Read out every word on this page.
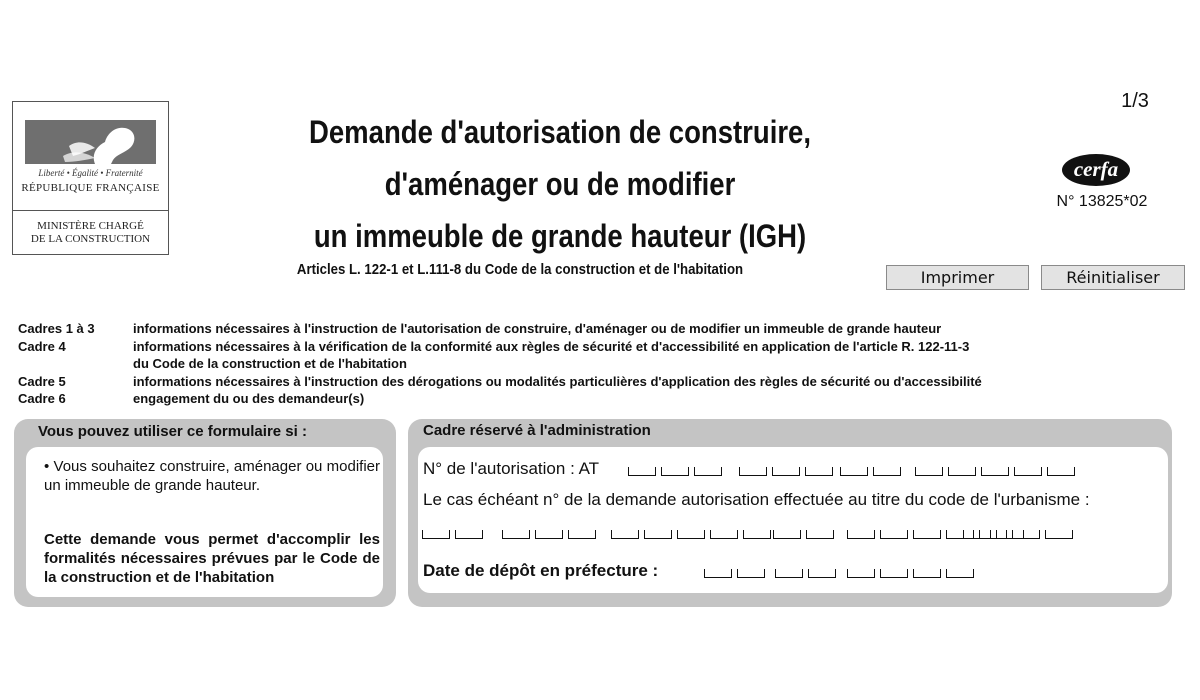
Liberté • Égalité • Fraternité
RÉPUBLIQUE FRANÇAISE
MINISTÈRE CHARGÉ
DE LA CONSTRUCTION
Demande d'autorisation de construire,
d'aménager ou de modifier
un immeuble de grande hauteur (IGH)
Articles L. 122-1 et L.111-8 du Code de la construction et de l'habitation
1/3
cerfa
N° 13825*02
Imprimer	Réinitialiser
Cadres 1 à 3	informations nécessaires à l'instruction de l'autorisation de construire, d'aménager ou de modifier un immeuble de grande hauteur
Cadre 4	informations nécessaires à la vérification de la conformité aux règles de sécurité et d'accessibilité en application de l'article R. 122-11-3
du Code de la construction et de l'habitation
Cadre 5	informations nécessaires à l'instruction des dérogations ou modalités particulières d'application des règles de sécurité ou d'accessibilité
Cadre 6	engagement du ou des demandeur(s)
Vous pouvez utiliser ce formulaire si :
• Vous souhaitez construire, aménager ou modifier un immeuble de grande hauteur.
Cette demande vous permet d'accomplir les formalités nécessaires prévues par le Code de la construction et de l'habitation
Cadre réservé à l'administration
N° de l'autorisation : AT
Le cas échéant n° de la demande autorisation effectuée au titre du code de l'urbanisme :
Date de dépôt en préfecture :
